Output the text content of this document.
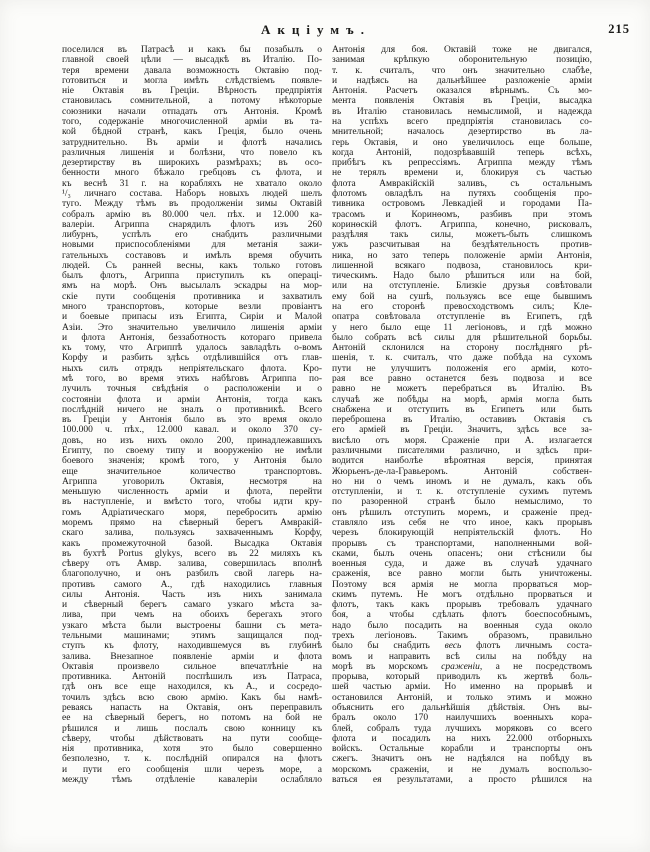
Акціумъ.	215
поселился въ Патрасѣ и какъ бы позабылъ о
главной своей цѣли — высадкѣ въ Италію. По-
теря времени давала возможность Октавію под-
готовиться и могла имѣть слѣдствіемъ появле-
ніе Октавія въ Греціи. Вѣрность предпріятія
становилась сомнительной, а потому нѣкоторые
союзники начали отпадать отъ Антонія. Кромѣ
того, содержаніе многочисленной арміи въ та-
кой бѣдной странѣ, какъ Греція, было очень
затруднительно. Въ арміи и флотѣ начались
различныя лишенія и болѣзни, что повело къ
дезертирству въ широкихъ размѣрахъ; въ осо-
бенности много бѣжало гребцовъ съ флота, и
къ веснѣ 31 г. на корабляхъ не хватало около
¹/₃ личнаго состава. Наборъ новыхъ людей шелъ
туго. Между тѣмъ въ продолженіи зимы Октавій
собралъ армію въ 80.000 чел. пѣх. и 12.000 ка-
валеріи. Агриппа снарядилъ флотъ изъ 260
либурнъ, успѣлъ его снабдить различными
новыми приспособленіями для метанія зажи-
гательныхъ составовъ и имѣлъ время обучить
людей. Съ ранней весны, какъ только готовъ
былъ флотъ, Агриппа приступилъ къ операці-
ямъ на морѣ. Онъ высылалъ эскадры на мор-
скіе пути сообщенія противника и захватилъ
много транспортовъ, которые везли провіантъ
и боевые припасы изъ Египта, Сиріи и Малой
Азіи. Это значительно увеличило лишенія арміи
и флота Антонія, беззаботность котораго привела
къ тому, что Агриппѣ удалось завладѣть о-вомъ
Корфу и разбить здѣсь отдѣлившійся отъ глав-
ныхъ силъ отрядъ непріятельскаго флота. Кро-
мѣ того, во время этихъ набѣговъ Агриппа по-
лучилъ точныя свѣдѣнія о расположеніи и о
состояніи флота и арміи Антонія, тогда какъ
послѣдній ничего не зналъ о противникѣ. Всего
въ Греціи у Антонія было въ это время около
100.000 ч. пѣх., 12.000 кавал. и около 370 су-
довъ, но изъ нихъ около 200, принадлежавшихъ
Египту, по своему типу и вооруженію не имѣли
боевого значенія; кромѣ того, у Антонія было
еще значительное количество транспортовъ.
Агриппа уговорилъ Октавія, несмотря на
меньшую численность арміи и флота, перейти
въ наступленіе, и вмѣсто того, чтобы идти кру-
гомъ Адріатическаго моря, перебросить армію
моремъ прямо на сѣверный берегъ Амвракій-
скаго залива, пользуясь захваченнымъ Корфу,
какъ промежуточной базой. Высадка Октавія
въ бухтѣ Portus glykys, всего въ 22 миляхъ къ
сѣверу отъ Амвр. залива, совершилась вполнѣ
благополучно, и онъ разбилъ свой лагерь на-
противъ самого А., гдѣ находились главныя
силы Антонія. Часть изъ нихъ занимала
и сѣверный берегъ самаго узкаго мѣста за-
лива, при чемъ на обоихъ берегахъ этого
узкаго мѣста были выстроены башни съ мета-
тельными машинами; этимъ защищался под-
ступъ къ флоту, находившемуся въ глубинѣ
залива. Внезапное появленіе арміи и флота
Октавія произвело сильное впечатлѣніе на
противника. Антоній поспѣшилъ изъ Патраса,
гдѣ онъ все еще находился, къ А., и сосредо-
точилъ здѣсь всю свою армію. Какъ бы намѣ-
реваясь напасть на Октавія, онъ переправилъ
ее на сѣверный берегъ, но потомъ на бой не
рѣшился и лишь послалъ свою конницу къ
сѣверу, чтобы дѣйствовать на пути сообще-
нія противника, хотя это было совершенно
безполезно, т. к. послѣдній опирался на флотъ
и пути его сообщенія шли черезъ море, а
между тѣмъ отдѣленіе кавалеріи ослабляло
Антонія для боя. Октавій тоже не двигался,
занимая крѣпкую оборонительную позицію,
т. к. считалъ, что онъ значительно слабѣе,
и надѣясь на дальнѣйшее разложеніе арміи
Антонія. Расчетъ оказался вѣрнымъ. Съ мо-
мента появленія Октавія въ Греціи, высадка
въ Италію становилась немыслимой, и надежда
на успѣхъ всего предпріятія становилась со-
мнительной; началось дезертирство въ ла-
герь Октавія, и оно увеличилось еще больше,
когда Антоній, подозрѣвавшій теперь всѣхъ,
прибѣгъ къ репрессіямъ. Агриппа между тѣмъ
не терялъ времени и, блокируя съ частью
флота Амвракійскій заливъ, съ остальнымъ
флотомъ овладѣлъ на путяхъ сообщенія про-
тивника островомъ Левкадіей и городами Па-
трасомъ и Коринѳомъ, разбивъ при этомъ
коринѳскій флотъ. Агриппа, конечно, рисковалъ,
раздѣляя такъ силы, можетъ-быть слишкомъ
ужъ разсчитывая на бездѣятельность против-
ника, но зато теперь положеніе арміи Антонія,
лишенной всякаго подвоза, становилось кри-
тическимъ. Надо было рѣшиться или на бой,
или на отступленіе. Близкіе друзья совѣтовали
ему бой на сушѣ, пользуясь все еще бывшимъ
на его сторонѣ превосходствомъ силъ; Кле-
опатра совѣтовала отступленіе въ Египетъ, гдѣ
у него было еще 11 легіоновъ, и гдѣ можно
было собрать всѣ силы для рѣшительной борьбы.
Антоній склонился на сторону послѣдняго рѣ-
шенія, т. к. считалъ, что даже побѣда на сухомъ
пути не улучшитъ положенія его арміи, кото-
рая все равно останется безъ подвоза и все
равно не можетъ перебраться въ Италію. Въ
случаѣ же побѣды на морѣ, армія могла быть
снабжена и отступить въ Египетъ или быть
переброшена въ Италію, оставивъ Октавія съ
его арміей въ Греціи. Значитъ, здѣсь все за-
висѣло отъ моря. Сраженіе при А. излагается
различными писателями различно, и здѣсь при-
водится наиболѣе вѣроятная версія, принятая
Жюрьенъ-де-ла-Гравьеромъ. Антоній собствен-
но ни о чемъ иномъ и не думалъ, какъ объ
отступленіи, и т. к. отступленіе сухимъ путемъ
по разоренной странѣ было немыслимо, то
онъ рѣшилъ отступить моремъ, и сраженіе пред-
ставляло изъ себя не что иное, какъ прорывъ
черезъ блокирующій непріятельскій флотъ. Но
прорывъ съ транспортами, наполненными вой-
сками, былъ очень опасенъ; они стѣснили бы
военныя суда, и даже въ случаѣ удачнаго
сраженія, все равно могли быть уничтожены.
Поэтому вся армія не могла прорваться мор-
скимъ путемъ. Не могъ отдѣльно прорваться и
флотъ, такъ какъ прорывъ требовалъ удачнаго
боя, а чтобы сдѣлать флотъ боеспособнымъ,
надо было посадить на военныя суда около
трехъ легіоновъ. Такимъ образомъ, правильно
было бы снабдить весь флотъ личнымъ соста-
вомъ и направить всѣ силы на побѣду на
морѣ въ морскомъ сраженіи, а не посредствомъ
прорыва, который приводилъ къ жертвѣ боль-
шей частью арміи. Но именно на прорывѣ и
остановился Антоній, и только этимъ и можно
объяснить его дальнѣйшія дѣйствія. Онъ вы-
бралъ около 170 наилучшихъ военныхъ кора-
блей, собралъ туда лучшихъ моряковъ со всего
флота и посадилъ на нихъ 22.000 отборныхъ
войскъ. Остальные корабли и транспорты онъ
сжегъ. Значитъ онъ не надѣялся на побѣду въ
морскомъ сраженіи, и не думалъ воспользо-
ваться ея результатами, а просто рѣшился на
